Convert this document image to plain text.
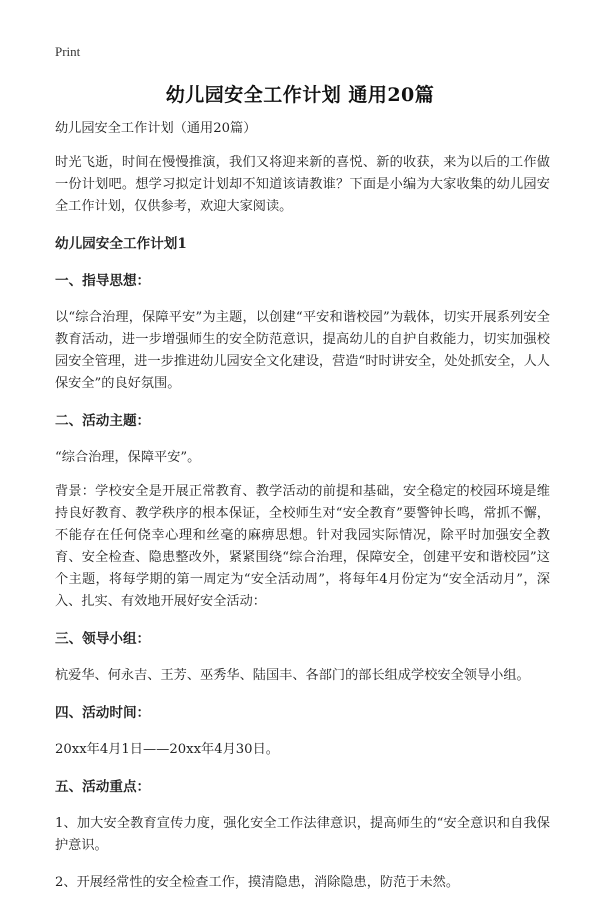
Print
幼儿园安全工作计划 通用20篇

幼儿园安全工作计划（通用20篇）

时光飞逝，时间在慢慢推演，我们又将迎来新的喜悦、新的收获，来为以后的工作做一份计划吧。想学习拟定计划却不知道该请教谁？下面是小编为大家收集的幼儿园安全工作计划，仅供参考，欢迎大家阅读。

幼儿园安全工作计划1

一、指导思想：

以“综合治理，保障平安”为主题，以创建“平安和谐校园”为载体，切实开展系列安全教育活动，进一步增强师生的安全防范意识，提高幼儿的自护自救能力，切实加强校园安全管理，进一步推进幼儿园安全文化建设，营造“时时讲安全，处处抓安全，人人保安全”的良好氛围。

二、活动主题：

“综合治理，保障平安”。

背景：学校安全是开展正常教育、教学活动的前提和基础，安全稳定的校园环境是维持良好教育、教学秩序的根本保证，全校师生对“安全教育”要警钟长鸣，常抓不懈，不能存在任何侥幸心理和丝毫的麻痹思想。针对我园实际情况，除平时加强安全教育、安全检查、隐患整改外，紧紧围绕“综合治理，保障安全，创建平安和谐校园”这个主题，将每学期的第一周定为“安全活动周”，将每年4月份定为“安全活动月”，深入、扎实、有效地开展好安全活动：

三、领导小组：

杭爱华、何永吉、王芳、巫秀华、陆国丰、各部门的部长组成学校安全领导小组。

四、活动时间：

20xx年4月1日——20xx年4月30日。

五、活动重点：

1、加大安全教育宣传力度，强化安全工作法律意识，提高师生的“安全意识和自我保护意识。

2、开展经常性的安全检查工作，摸清隐患，消除隐患，防范于未然。
